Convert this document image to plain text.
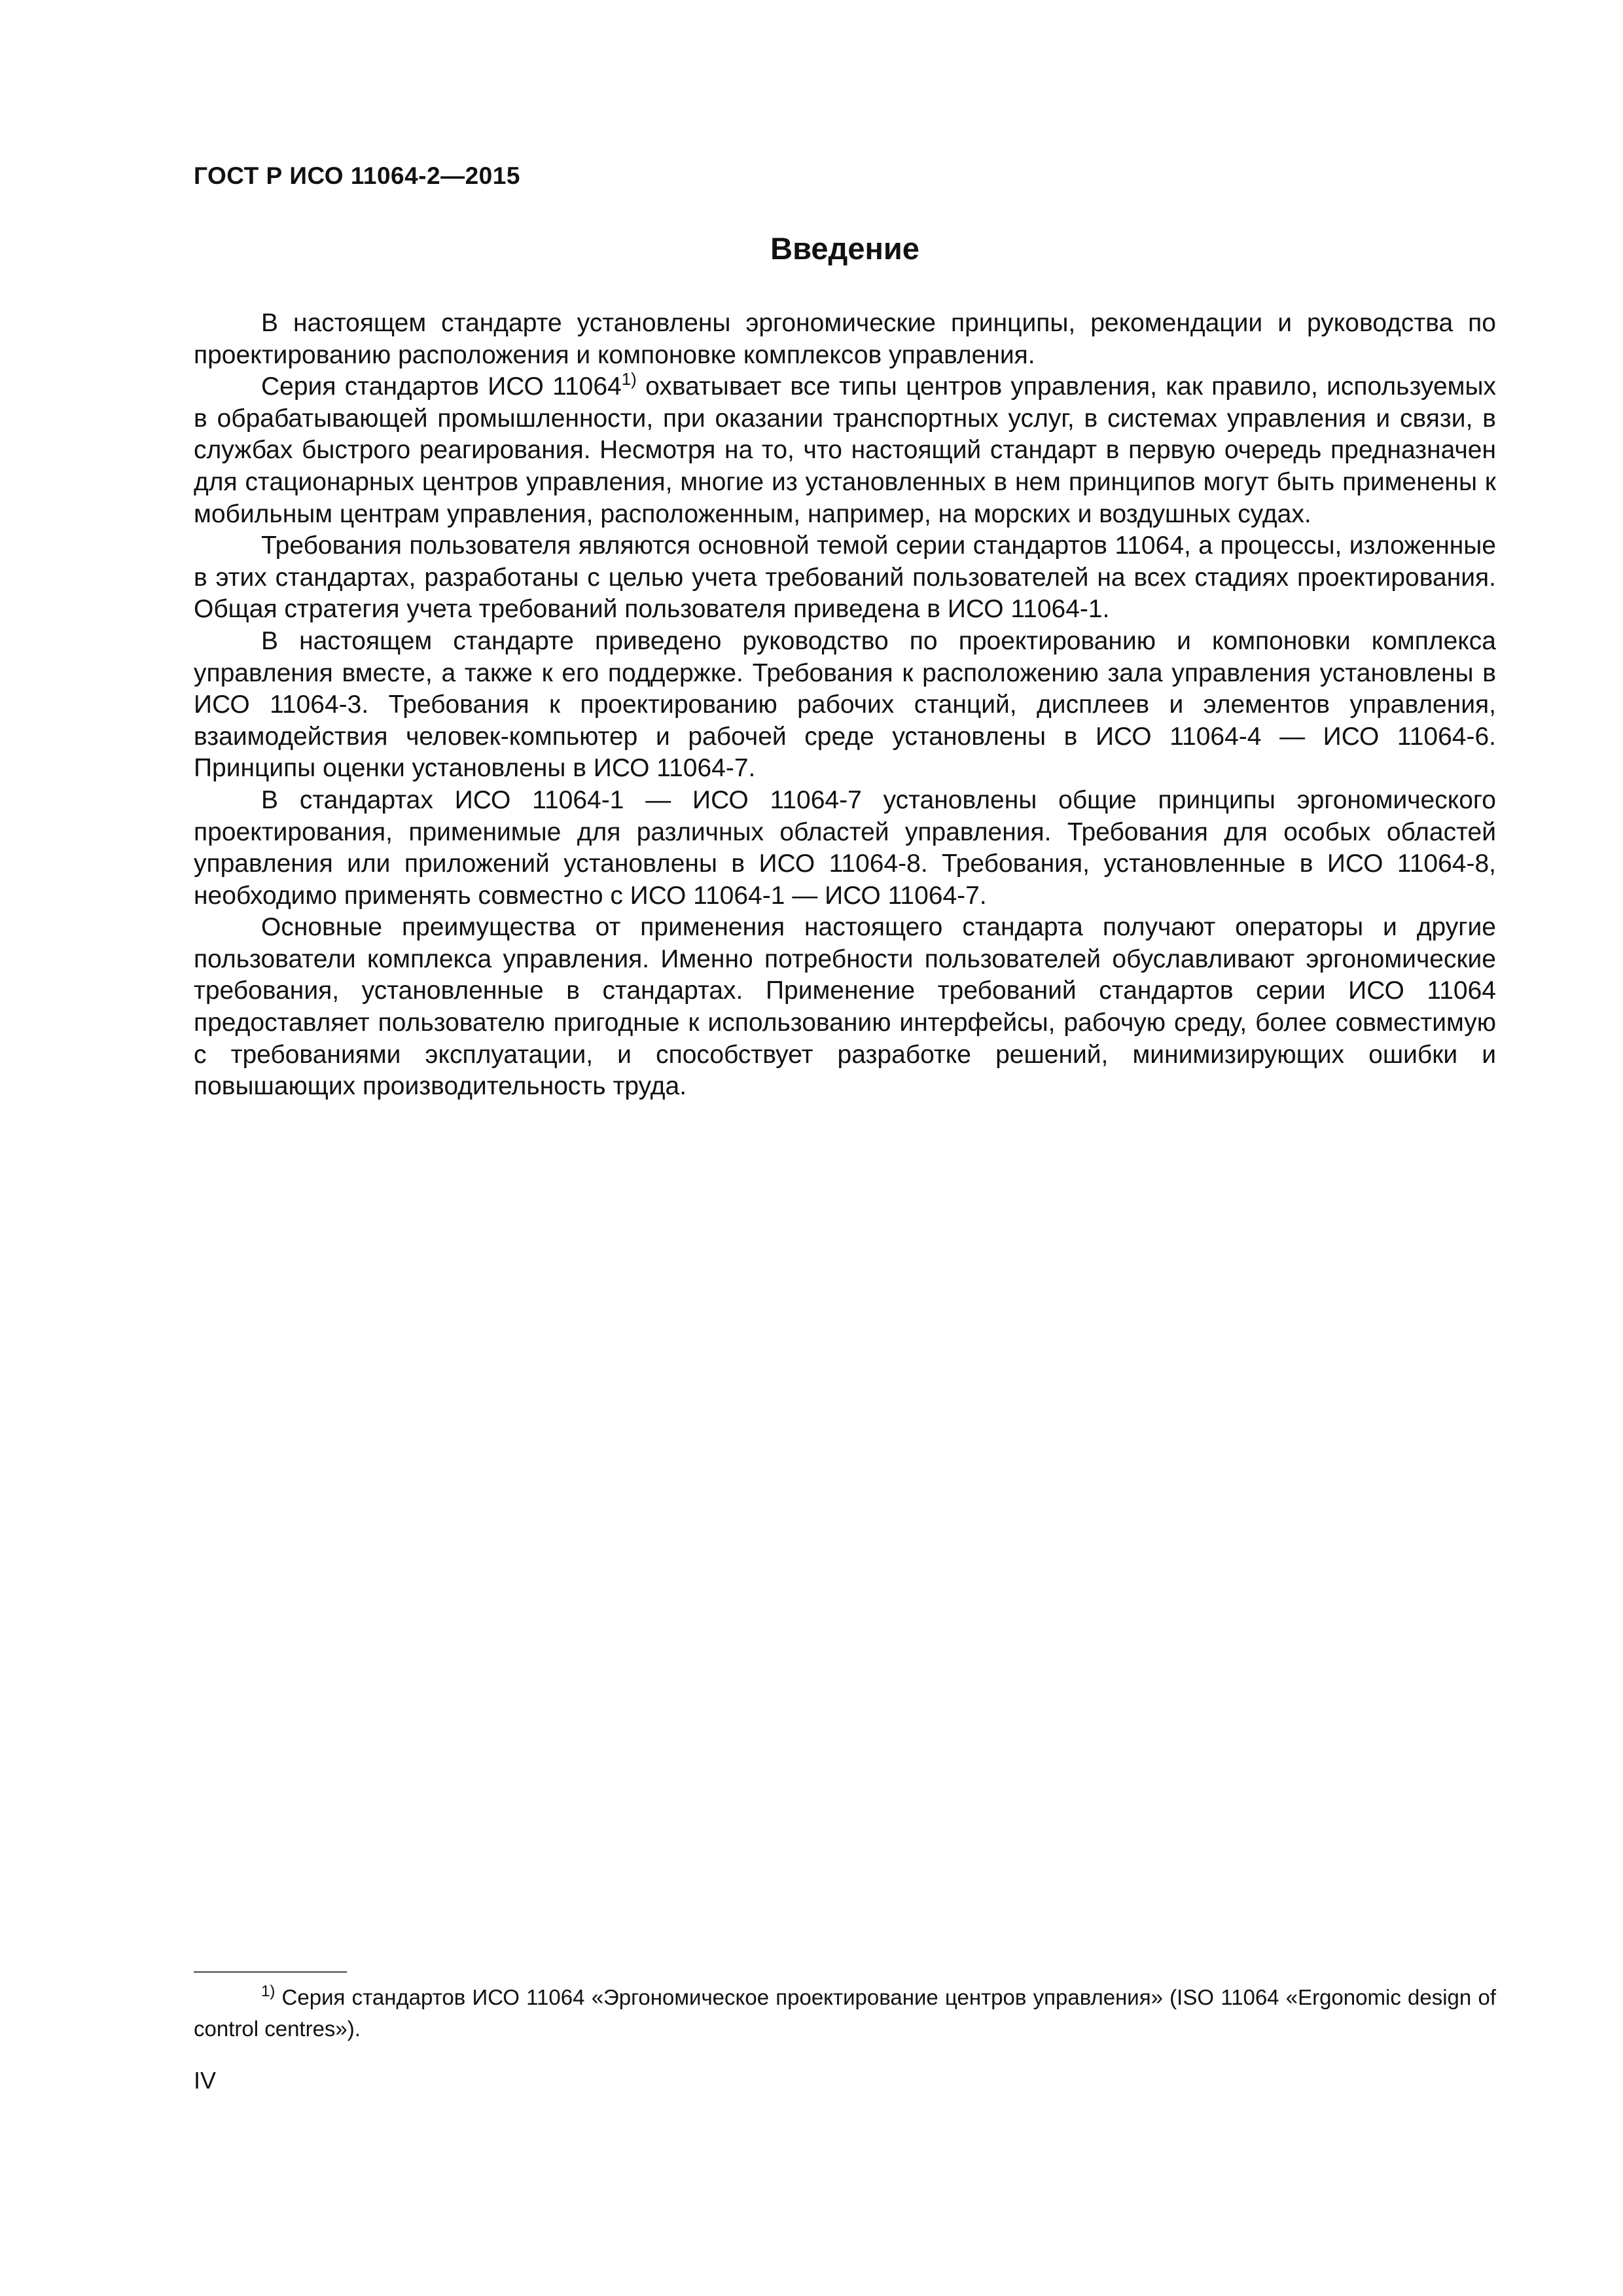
ГОСТ Р ИСО 11064-2—2015
Введение

В настоящем стандарте установлены эргономические принципы, рекомендации и руководства по проектированию расположения и компоновке комплексов управления.

Серия стандартов ИСО 11064$^{1)}$ охватывает все типы центров управления, как правило, используемых в обрабатывающей промышленности, при оказании транспортных услуг, в системах управления и связи, в службах быстрого реагирования. Несмотря на то, что настоящий стандарт в первую очередь предназначен для стационарных центров управления, многие из установленных в нем принципов могут быть применены к мобильным центрам управления, расположенным, например, на морских и воздушных судах.

Требования пользователя являются основной темой серии стандартов 11064, а процессы, изложенные в этих стандартах, разработаны с целью учета требований пользователей на всех стадиях проектирования. Общая стратегия учета требований пользователя приведена в ИСО 11064-1.

В настоящем стандарте приведено руководство по проектированию и компоновки комплекса управления вместе, а также к его поддержке. Требования к расположению зала управления установлены в ИСО 11064-3. Требования к проектированию рабочих станций, дисплеев и элементов управления, взаимодействия человек-компьютер и рабочей среде установлены в ИСО 11064-4 — ИСО 11064-6. Принципы оценки установлены в ИСО 11064-7.

В стандартах ИСО 11064-1 — ИСО 11064-7 установлены общие принципы эргономического проектирования, применимые для различных областей управления. Требования для особых областей управления или приложений установлены в ИСО 11064-8. Требования, установленные в ИСО 11064-8, необходимо применять совместно с ИСО 11064-1 — ИСО 11064-7.

Основные преимущества от применения настоящего стандарта получают операторы и другие пользователи комплекса управления. Именно потребности пользователей обуславливают эргономические требования, установленные в стандартах. Применение требований стандартов серии ИСО 11064 предоставляет пользователю пригодные к использованию интерфейсы, рабочую среду, более совместимую с требованиями эксплуатации, и способствует разработке решений, минимизирующих ошибки и повышающих производительность труда.

$^{1)}$ Серия стандартов ИСО 11064 «Эргономическое проектирование центров управления» (ISO 11064 «Ergonomic design of control centres»).
IV
